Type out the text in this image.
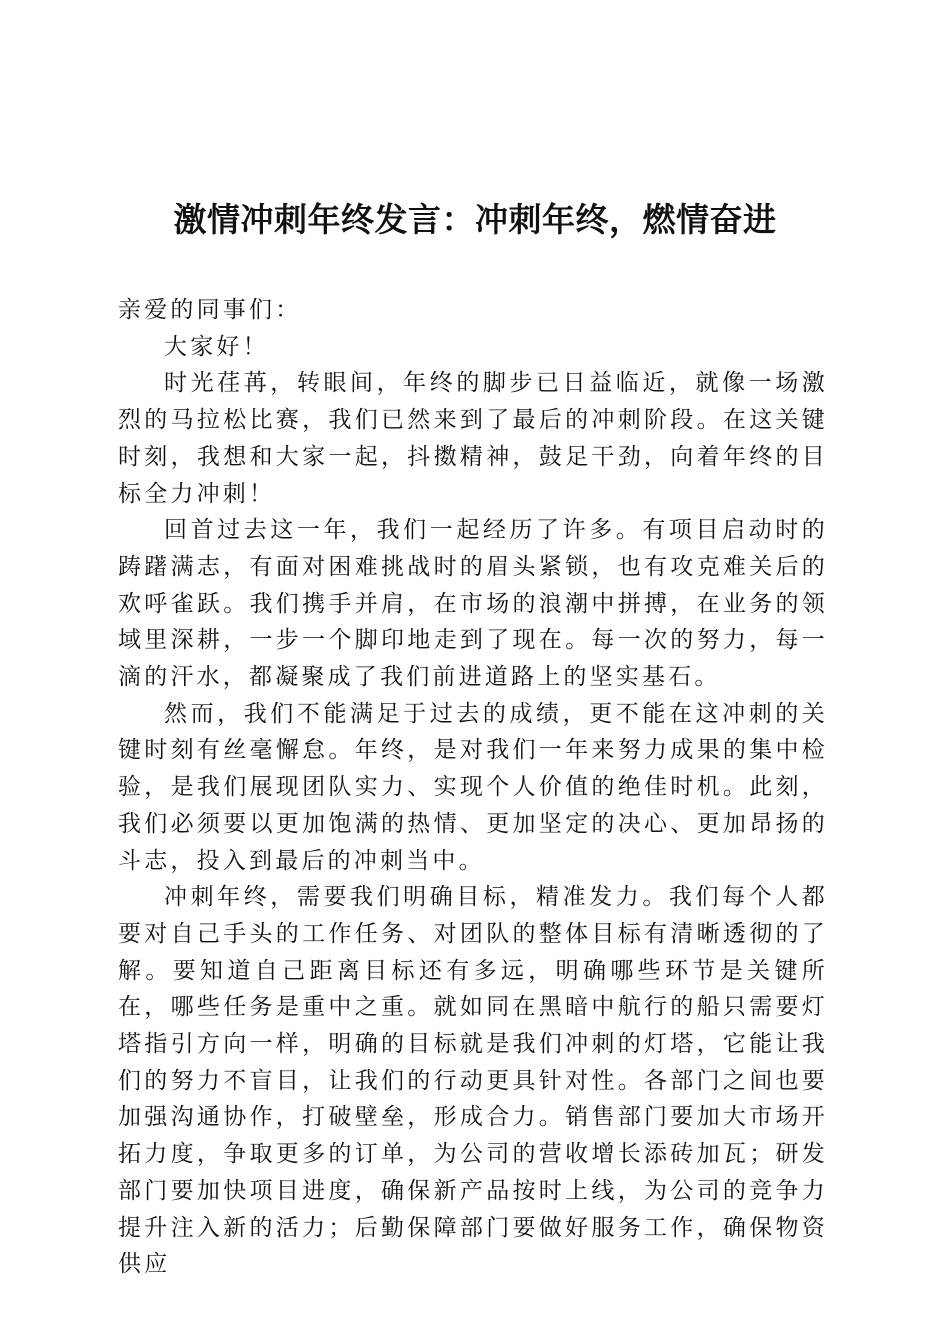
激情冲刺年终发言：冲刺年终，燃情奋进

亲爱的同事们：

大家好！

时光荏苒，转眼间，年终的脚步已日益临近，就像一场激烈的马拉松比赛，我们已然来到了最后的冲刺阶段。在这关键时刻，我想和大家一起，抖擞精神，鼓足干劲，向着年终的目标全力冲刺！

回首过去这一年，我们一起经历了许多。有项目启动时的踌躇满志，有面对困难挑战时的眉头紧锁，也有攻克难关后的欢呼雀跃。我们携手并肩，在市场的浪潮中拼搏，在业务的领域里深耕，一步一个脚印地走到了现在。每一次的努力，每一滴的汗水，都凝聚成了我们前进道路上的坚实基石。

然而，我们不能满足于过去的成绩，更不能在这冲刺的关键时刻有丝毫懈怠。年终，是对我们一年来努力成果的集中检验，是我们展现团队实力、实现个人价值的绝佳时机。此刻，我们必须要以更加饱满的热情、更加坚定的决心、更加昂扬的斗志，投入到最后的冲刺当中。

冲刺年终，需要我们明确目标，精准发力。我们每个人都要对自己手头的工作任务、对团队的整体目标有清晰透彻的了解。要知道自己距离目标还有多远，明确哪些环节是关键所在，哪些任务是重中之重。就如同在黑暗中航行的船只需要灯塔指引方向一样，明确的目标就是我们冲刺的灯塔，它能让我们的努力不盲目，让我们的行动更具针对性。各部门之间也要加强沟通协作，打破壁垒，形成合力。销售部门要加大市场开拓力度，争取更多的订单，为公司的营收增长添砖加瓦；研发部门要加快项目进度，确保新产品按时上线，为公司的竞争力提升注入新的活力；后勤保障部门要做好服务工作，确保物资供应
